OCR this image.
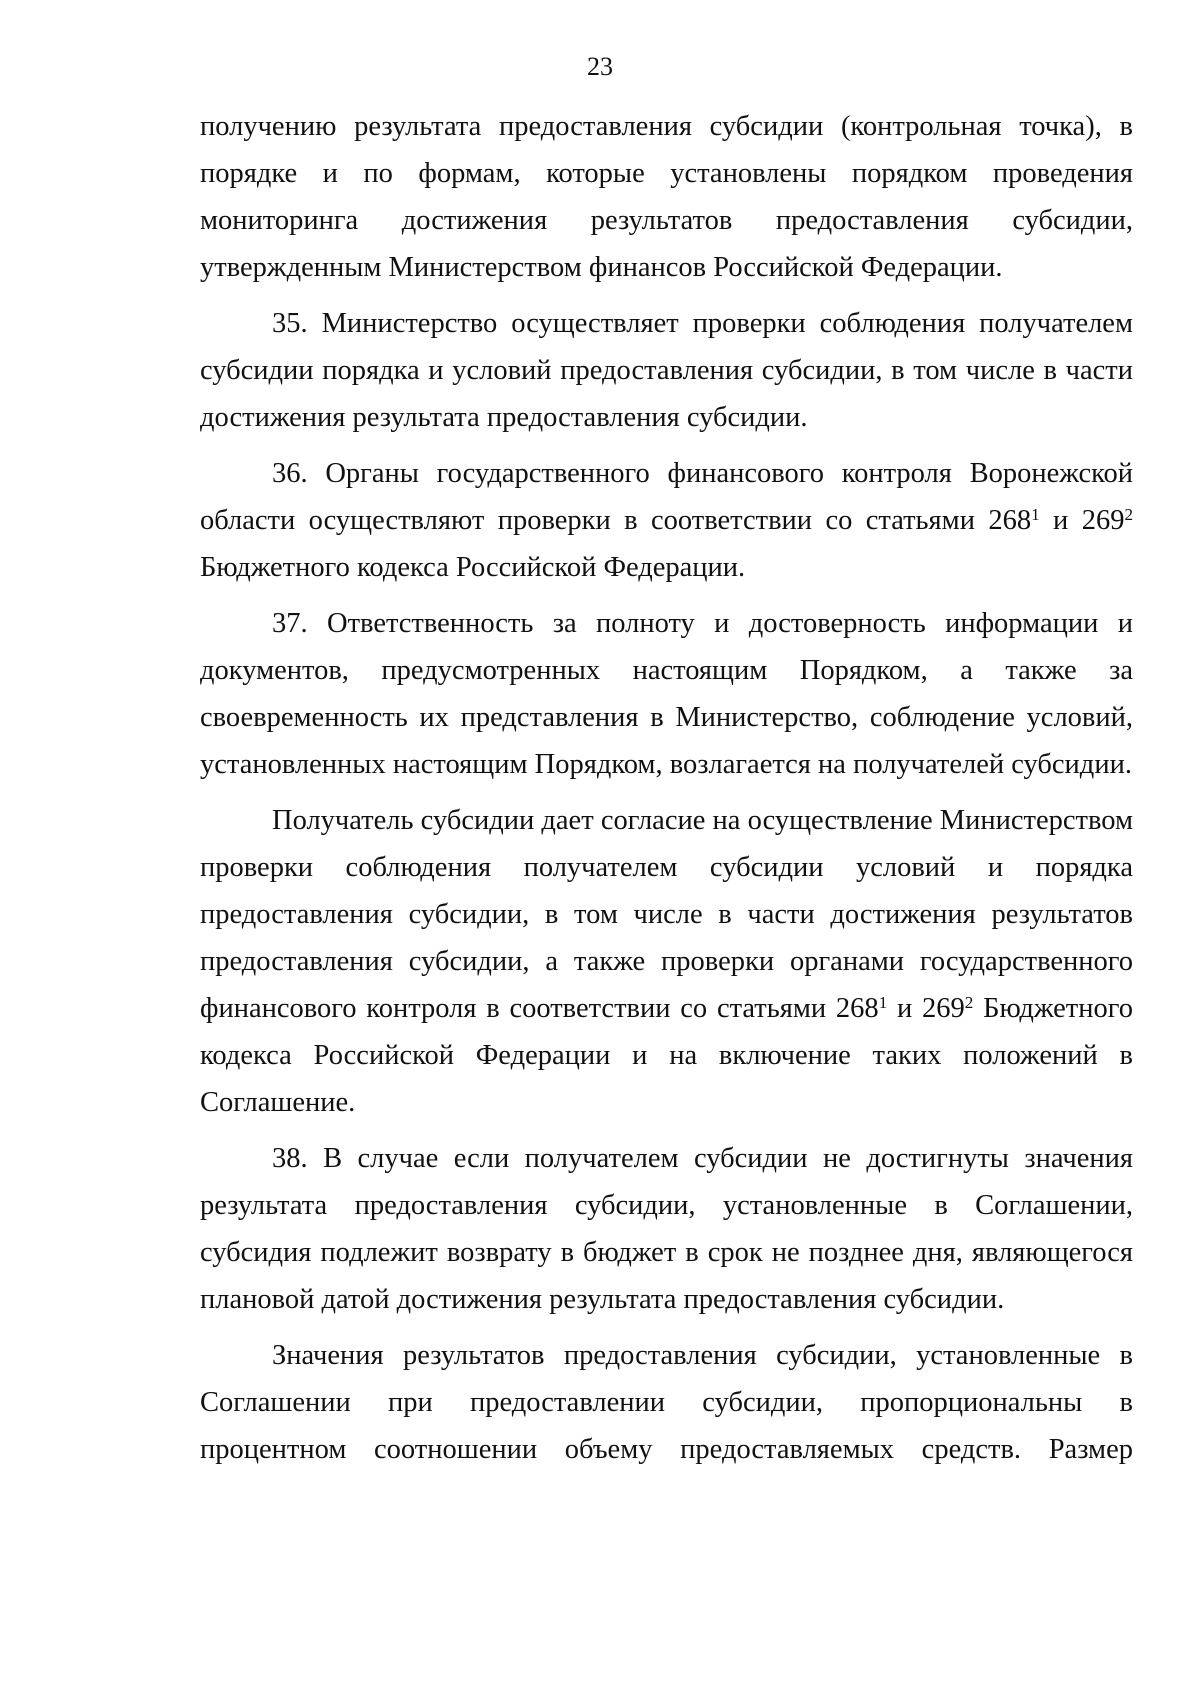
23
получению результата предоставления субсидии (контрольная точка), в
порядке и по формам, которые установлены порядком проведения
мониторинга достижения результатов предоставления субсидии,
утвержденным Министерством финансов Российской Федерации.
35. Министерство осуществляет проверки соблюдения получателем
субсидии порядка и условий предоставления субсидии, в том числе в части
достижения результата предоставления субсидии.
36. Органы государственного финансового контроля Воронежской
области осуществляют проверки в соответствии со статьями $268^1$ и $269^2$
Бюджетного кодекса Российской Федерации.
37. Ответственность за полноту и достоверность информации и
документов, предусмотренных настоящим Порядком, а также за
своевременность их представления в Министерство, соблюдение условий,
установленных настоящим Порядком, возлагается на получателей субсидии.
Получатель субсидии дает согласие на осуществление Министерством
проверки соблюдения получателем субсидии условий и порядка
предоставления субсидии, в том числе в части достижения результатов
предоставления субсидии, а также проверки органами государственного
финансового контроля в соответствии со статьями $268^1$ и $269^2$ Бюджетного
кодекса Российской Федерации и на включение таких положений в
Соглашение.
38. В случае если получателем субсидии не достигнуты значения
результата предоставления субсидии, установленные в Соглашении,
субсидия подлежит возврату в бюджет в срок не позднее дня, являющегося
плановой датой достижения результата предоставления субсидии.
Значения результатов предоставления субсидии, установленные в
Соглашении при предоставлении субсидии, пропорциональны в
процентном соотношении объему предоставляемых средств. Размер
